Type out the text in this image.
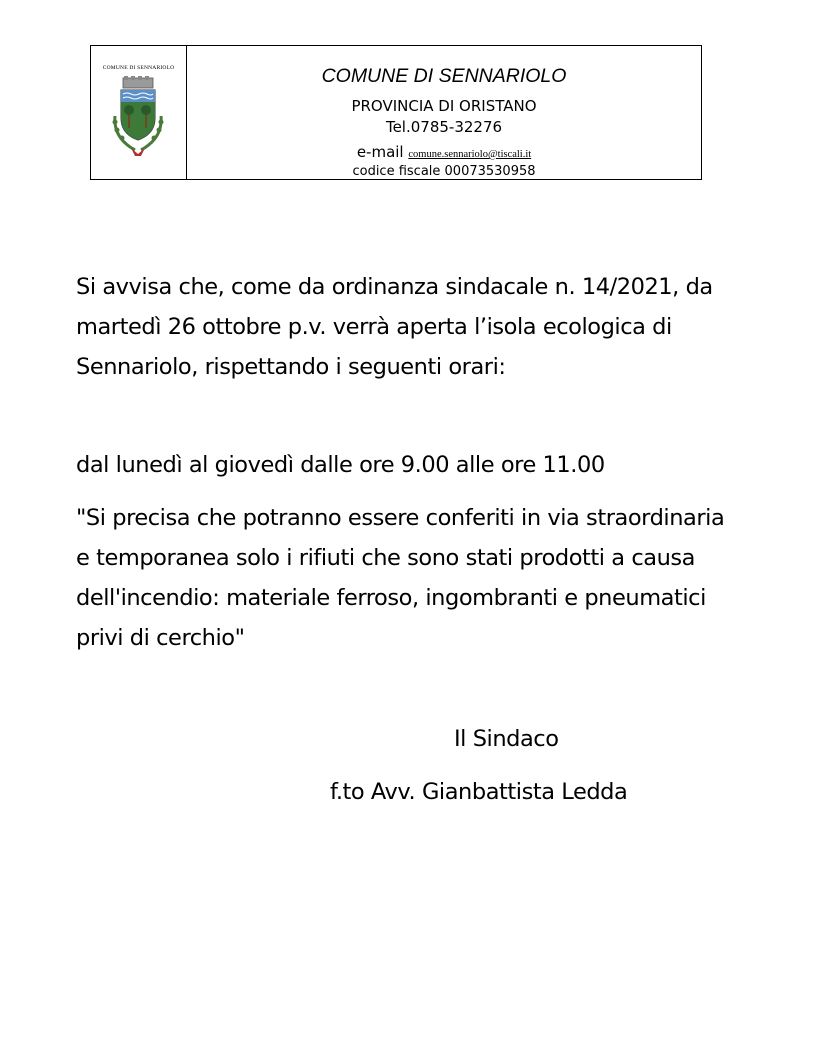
COMUNE DI SENNARIOLO	COMUNE DI SENNARIOLO
PROVINCIA DI ORISTANO
Tel.0785-32276
e-mail comune.sennariolo@tiscali.it
codice fiscale 00073530958

Si avvisa che, come da ordinanza sindacale n. 14/2021, da martedì 26 ottobre p.v. verrà aperta l’isola ecologica di Sennariolo, rispettando i seguenti orari:

dal lunedì al giovedì dalle ore 9.00 alle ore 11.00

"Si precisa che potranno essere conferiti in via straordinaria e temporanea solo i rifiuti che sono stati prodotti a causa dell'incendio: materiale ferroso, ingombranti e pneumatici privi di cerchio"

Il Sindaco
f.to Avv. Gianbattista Ledda
